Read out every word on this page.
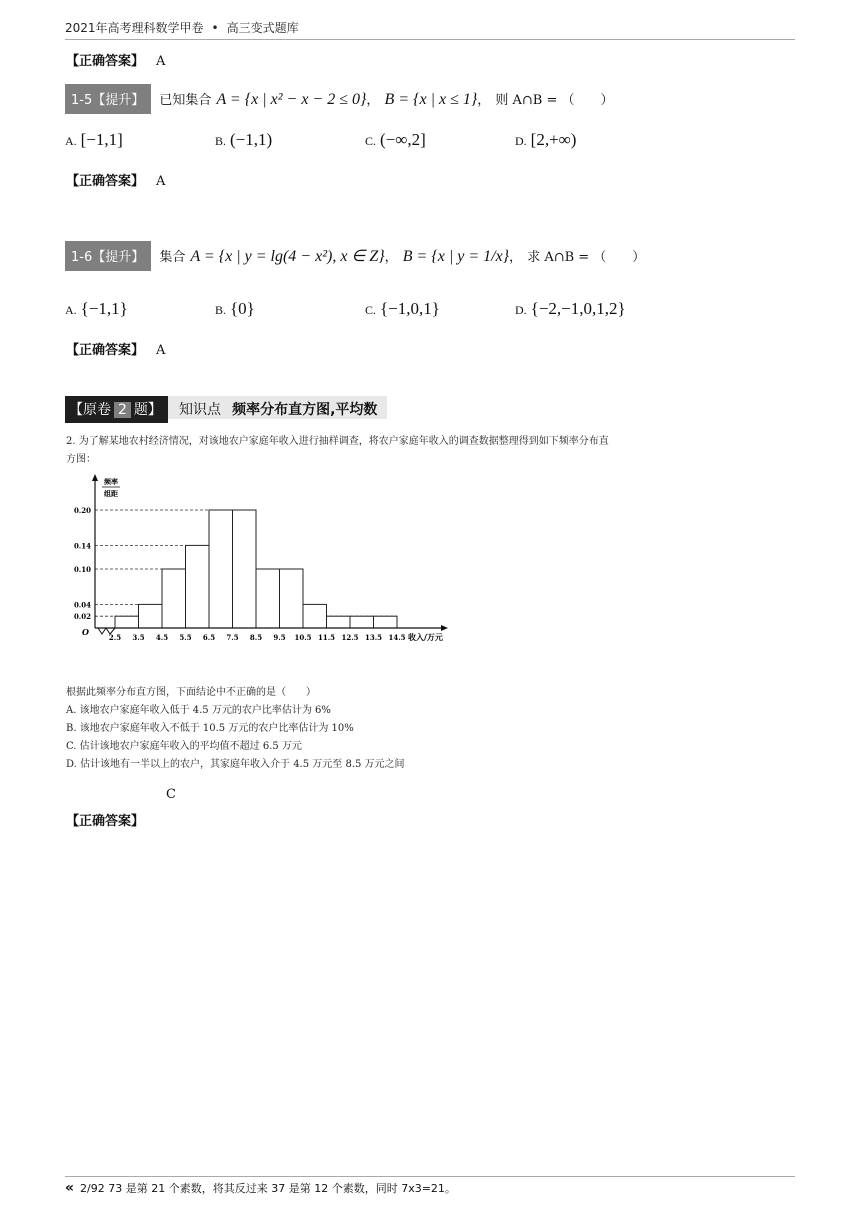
2021年高考理科数学甲卷 • 高三变式题库
【正确答案】 A
1-5【提升】 已知集合 A = {x | x² − x − 2 ≤ 0}， B = {x | x ≤ 1}， 则 A∩B = （　　）
A. [−1,1]	B. (−1,1)	C. (−∞,2]	D. [2,+∞)
【正确答案】 A
1-6【提升】 集合 A = {x | y = lg(4 − x²), x ∈ Z}， B = {x | y = 1/x}， 求 A∩B = （　　）
A. {−1,1}	B. {0}	C. {−1,0,1}	D. {−2,−1,0,1,2}
【正确答案】 A
【原卷 2 题】 知识点 频率分布直方图,平均数
2. 为了解某地农村经济情况，对该地农户家庭年收入进行抽样调查，将农户家庭年收入的调查数据整理得到如下频率分布直
方图：
0.02
0.04
0.10
0.14
0.20
2.5 3.5 4.5 5.5 6.5 7.5 8.5 9.5 10.5 11.5 12.5 13.5 14.5
O
频率
组距
收入/万元
根据此频率分布直方图，下面结论中不正确的是（　　）
A. 该地农户家庭年收入低于 4.5 万元的农户比率估计为 6%
B. 该地农户家庭年收入不低于 10.5 万元的农户比率估计为 10%
C. 估计该地农户家庭年收入的平均值不超过 6.5 万元
D. 估计该地有一半以上的农户，其家庭年收入介于 4.5 万元至 8.5 万元之间
C
【正确答案】
« 2/92 73 是第 21 个素数，将其反过来 37 是第 12 个素数，同时 7x3=21。
